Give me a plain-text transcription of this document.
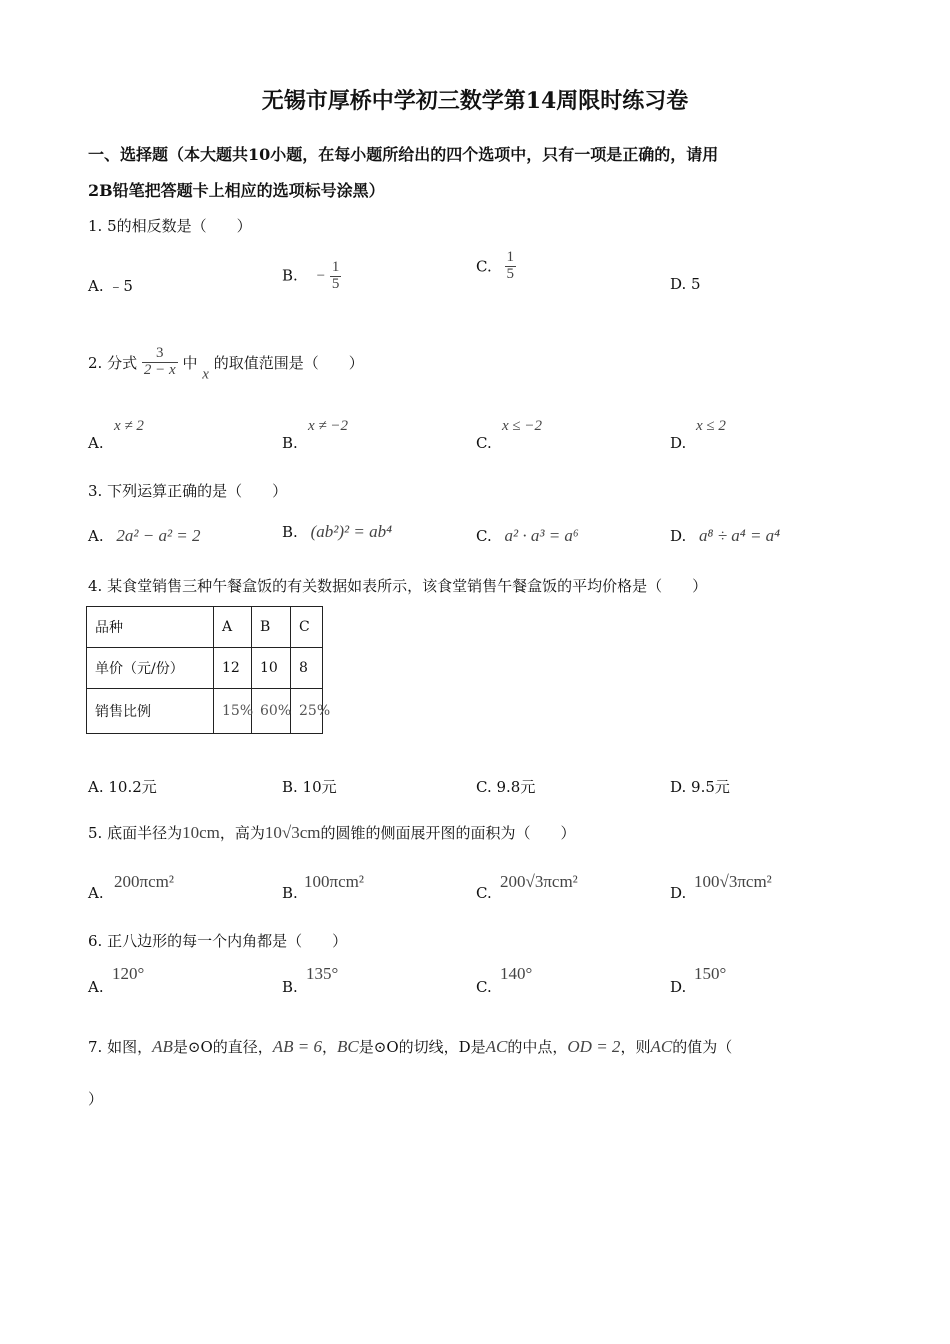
无锡市厚桥中学初三数学第14周限时练习卷
一、选择题（本大题共10小题，在每小题所给出的四个选项中，只有一项是正确的，请用
2B铅笔把答题卡上相应的选项标号涂黑）
1. 5的相反数是（　　）
A. ﹣5
B. − $\frac{1}{5}$	C. $\frac{1}{5}$
D. 5
2. 分式 $\frac{3}{2 - x}$ 中 x 的取值范围是（　　）
A.
x ≠ 2
B.
x ≠ −2
C.
x ≤ −2
D.
x ≤ 2
3. 下列运算正确的是（　　）
A. 2a² − a² = 2	B. (ab²)² = ab⁴	C. a² · a³ = a⁶	D. a⁸ ÷ a⁴ = a⁴
4. 某食堂销售三种午餐盒饭的有关数据如表所示，该食堂销售午餐盒饭的平均价格是（　　）
品种	A	B	C
单价（元/份）	12	10	8
销售比例	15%	60%	25%
A. 10.2元	B. 10元	C. 9.8元	D. 9.5元
5. 底面半径为10cm，高为10√3cm的圆锥的侧面展开图的面积为（　　）
A.
200πcm²
B.
100πcm²
C.
200√3πcm²
D.
100√3πcm²
6. 正八边形的每一个内角都是（　　）
A.
120°
B.
135°
C.
140°
D.
150°
7. 如图，AB是⊙O的直径，AB = 6，BC是⊙O的切线，D是AC的中点，OD = 2，则AC的值为（
）
